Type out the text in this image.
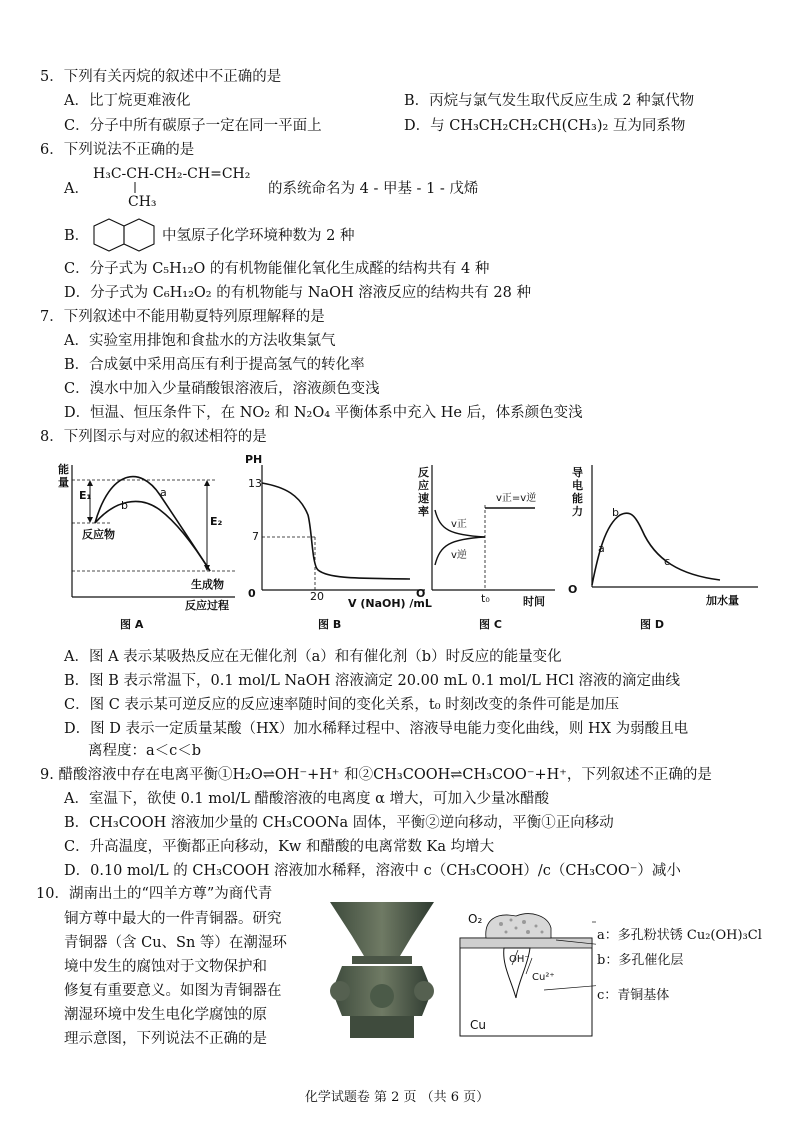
5．下列有关丙烷的叙述中不正确的是
A．比丁烷更难液化	B．丙烷与氯气发生取代反应生成 2 种氯代物
C．分子中所有碳原子一定在同一平面上	D．与 CH₃CH₂CH₂CH(CH₃)₂ 互为同系物
6．下列说法不正确的是
A．
H₃C-CH-CH₂-CH=CH₂
CH₃
的系统命名为 4 - 甲基 - 1 - 戊烯
B．	中氢原子化学环境种数为 2 种
C．分子式为 C₅H₁₂O 的有机物能催化氧化生成醛的结构共有 4 种
D．分子式为 C₆H₁₂O₂ 的有机物能与 NaOH 溶液反应的结构共有 28 种
7．下列叙述中不能用勒夏特列原理解释的是
A．实验室用排饱和食盐水的方法收集氯气
B．合成氨中采用高压有利于提高氢气的转化率
C．溴水中加入少量硝酸银溶液后，溶液颜色变浅
D．恒温、恒压条件下，在 NO₂ 和 N₂O₄ 平衡体系中充入 He 后，体系颜色变浅
8．下列图示与对应的叙述相符的是
能量
E₁
E₂
a
b
反应物
生成物
反应过程
图 A
PH
13
7
0	20
V (NaOH) /mL
图 B
反应速率
v正
v逆
v正=v逆
O	t₀	时间
图 C
导电能力
a
b
c
O
加水量
图 D
A．图 A 表示某吸热反应在无催化剂（a）和有催化剂（b）时反应的能量变化
B．图 B 表示常温下，0.1 mol/L NaOH 溶液滴定 20.00 mL 0.1 mol/L HCl 溶液的滴定曲线
C．图 C 表示某可逆反应的反应速率随时间的变化关系，t₀ 时刻改变的条件可能是加压
D．图 D 表示一定质量某酸（HX）加水稀释过程中、溶液导电能力变化曲线，则 HX 为弱酸且电
离程度：a＜c＜b
9. 醋酸溶液中存在电离平衡①H₂O⇌OH⁻+H⁺ 和②CH₃COOH⇌CH₃COO⁻+H⁺，下列叙述不正确的是
A．室温下，欲使 0.1 mol/L 醋酸溶液的电离度 α 增大，可加入少量冰醋酸
B．CH₃COOH 溶液加少量的 CH₃COONa 固体，平衡②逆向移动，平衡①正向移动
C．升高温度，平衡都正向移动，Kw 和醋酸的电离常数 Ka 均增大
D．0.10 mol/L 的 CH₃COOH 溶液加水稀释，溶液中 c（CH₃COOH）/c（CH₃COO⁻）减小
10．湖南出土的“四羊方尊”为商代青
铜方尊中最大的一件青铜器。研究
青铜器（含 Cu、Sn 等）在潮湿环
境中发生的腐蚀对于文物保护和
修复有重要意义。如图为青铜器在
潮湿环境中发生电化学腐蚀的原
理示意图，下列说法不正确的是
O₂
OH⁻
Cu²⁺
Cu
a：多孔粉状锈 Cu₂(OH)₃Cl
b：多孔催化层
c：青铜基体
化学试题卷 第 2 页 （共 6 页）
